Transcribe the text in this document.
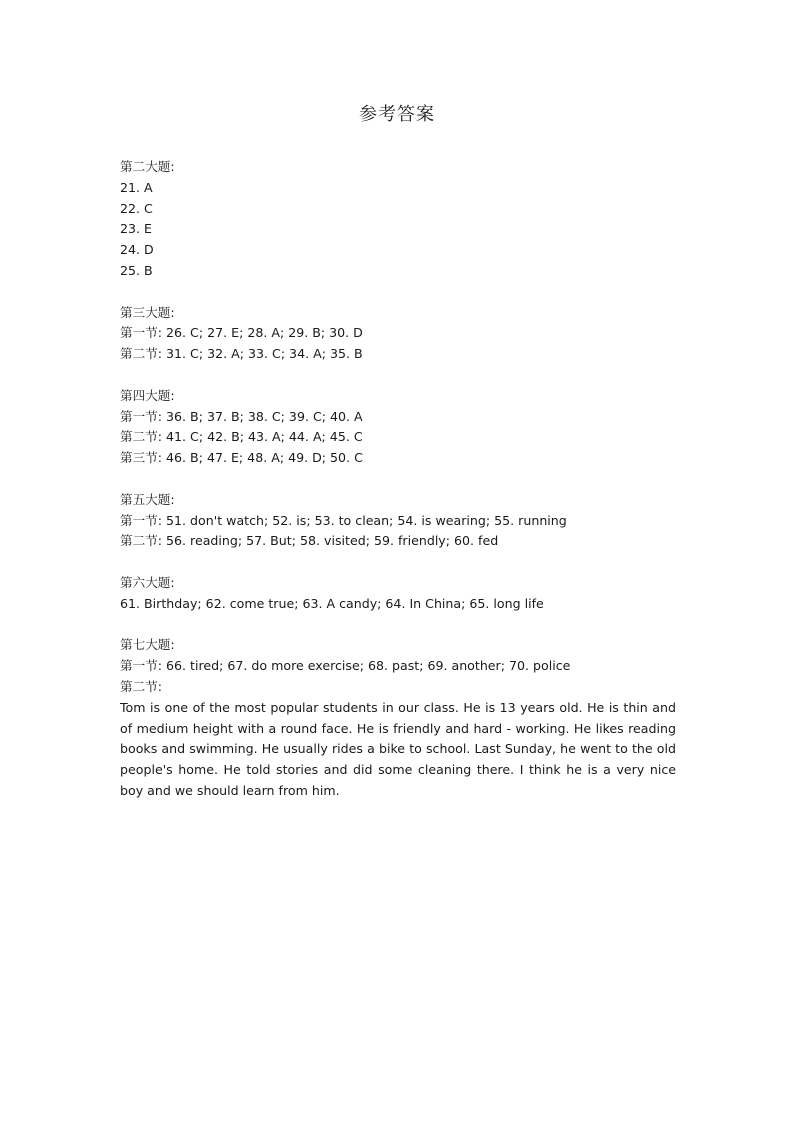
参考答案
第二大题:
21. A
22. C
23. E
24. D
25. B
第三大题:
第一节: 26. C; 27. E; 28. A; 29. B; 30. D
第二节: 31. C; 32. A; 33. C; 34. A; 35. B
第四大题:
第一节: 36. B; 37. B; 38. C; 39. C; 40. A
第二节: 41. C; 42. B; 43. A; 44. A; 45. C
第三节: 46. B; 47. E; 48. A; 49. D; 50. C
第五大题:
第一节: 51. don't watch; 52. is; 53. to clean; 54. is wearing; 55. running
第二节: 56. reading; 57. But; 58. visited; 59. friendly; 60. fed
第六大题:
61. Birthday; 62. come true; 63. A candy; 64. In China; 65. long life
第七大题:
第一节: 66. tired; 67. do more exercise; 68. past; 69. another; 70. police
第二节:
Tom is one of the most popular students in our class. He is 13 years old. He is thin and of medium height with a round face. He is friendly and hard - working. He likes reading books and swimming. He usually rides a bike to school. Last Sunday, he went to the old people's home. He told stories and did some cleaning there. I think he is a very nice boy and we should learn from him.
